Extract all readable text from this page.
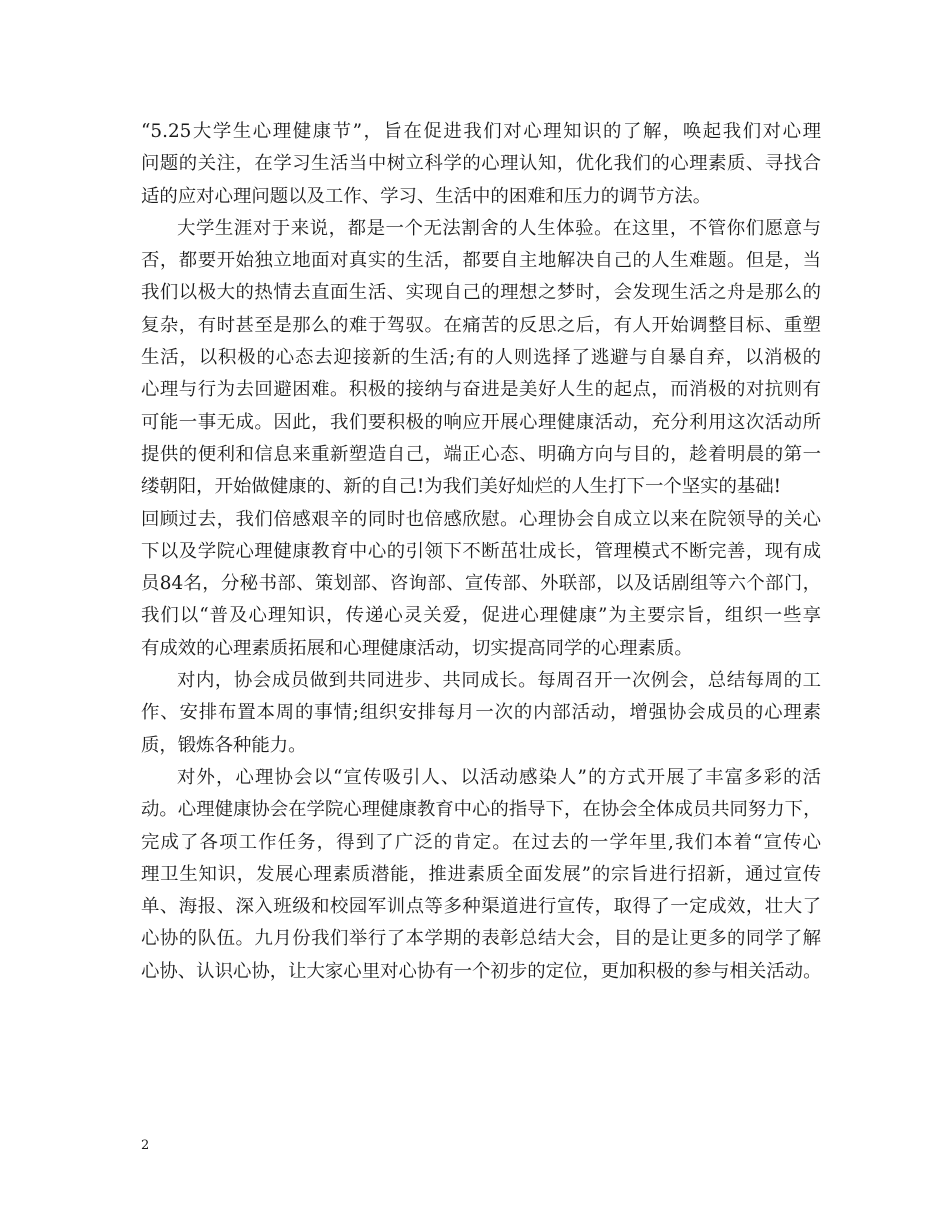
“5.25大学生心理健康节”，旨在促进我们对心理知识的了解，唤起我们对心理
问题的关注，在学习生活当中树立科学的心理认知，优化我们的心理素质、寻找合
适的应对心理问题以及工作、学习、生活中的困难和压力的调节方法。
大学生涯对于来说，都是一个无法割舍的人生体验。在这里，不管你们愿意与
否，都要开始独立地面对真实的生活，都要自主地解决自己的人生难题。但是，当
我们以极大的热情去直面生活、实现自己的理想之梦时，会发现生活之舟是那么的
复杂，有时甚至是那么的难于驾驭。在痛苦的反思之后，有人开始调整目标、重塑
生活，以积极的心态去迎接新的生活;有的人则选择了逃避与自暴自弃，以消极的
心理与行为去回避困难。积极的接纳与奋进是美好人生的起点，而消极的对抗则有
可能一事无成。因此，我们要积极的响应开展心理健康活动，充分利用这次活动所
提供的便利和信息来重新塑造自己，端正心态、明确方向与目的，趁着明晨的第一
缕朝阳，开始做健康的、新的自己!为我们美好灿烂的人生打下一个坚实的基础!
回顾过去，我们倍感艰辛的同时也倍感欣慰。心理协会自成立以来在院领导的关心
下以及学院心理健康教育中心的引领下不断茁壮成长，管理模式不断完善，现有成
员84名，分秘书部、策划部、咨询部、宣传部、外联部，以及话剧组等六个部门，
我们以“普及心理知识，传递心灵关爱，促进心理健康”为主要宗旨，组织一些享
有成效的心理素质拓展和心理健康活动，切实提高同学的心理素质。
对内，协会成员做到共同进步、共同成长。每周召开一次例会，总结每周的工
作、安排布置本周的事情;组织安排每月一次的内部活动，增强协会成员的心理素
质，锻炼各种能力。
对外，心理协会以“宣传吸引人、以活动感染人”的方式开展了丰富多彩的活
动。心理健康协会在学院心理健康教育中心的指导下，在协会全体成员共同努力下，
完成了各项工作任务，得到了广泛的肯定。在过去的一学年里,我们本着“宣传心
理卫生知识，发展心理素质潜能，推进素质全面发展”的宗旨进行招新，通过宣传
单、海报、深入班级和校园军训点等多种渠道进行宣传，取得了一定成效，壮大了
心协的队伍。九月份我们举行了本学期的表彰总结大会，目的是让更多的同学了解
心协、认识心协，让大家心里对心协有一个初步的定位，更加积极的参与相关活动。
2
